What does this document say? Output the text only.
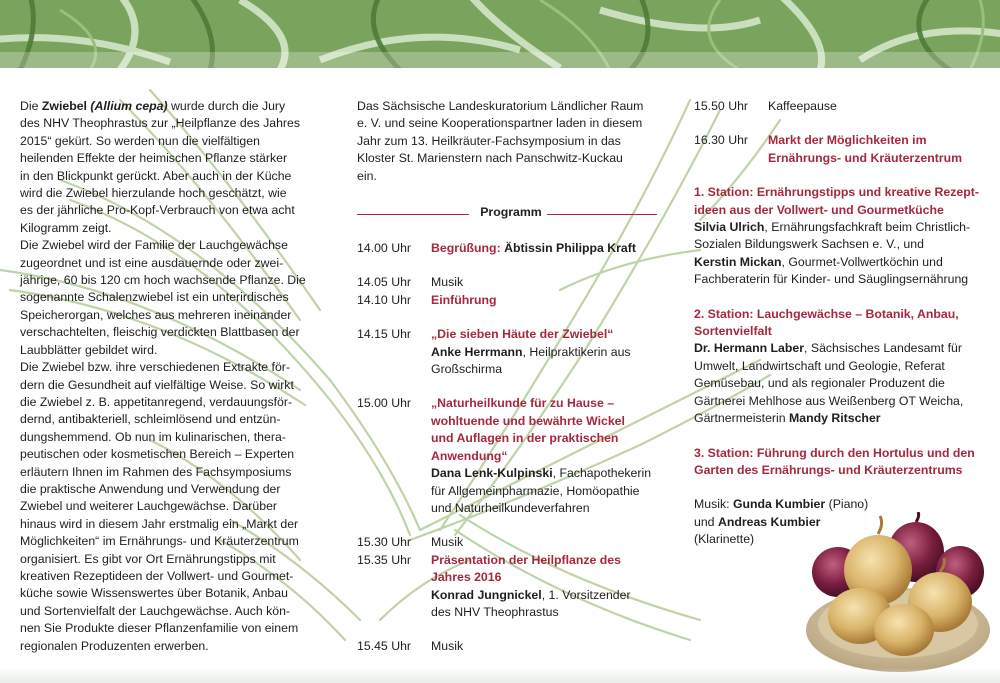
Die Zwiebel (Allium cepa) wurde durch die Jury
des NHV Theophrastus zur „Heilpflanze des Jahres
2015“ gekürt. So werden nun die vielfältigen
heilenden Effekte der heimischen Pflanze stärker
in den Blickpunkt gerückt. Aber auch in der Küche
wird die Zwiebel hierzulande hoch geschätzt, wie
es der jährliche Pro-Kopf-Verbrauch von etwa acht
Kilogramm zeigt.
Die Zwiebel wird der Familie der Lauchgewächse
zugeordnet und ist eine ausdauernde oder zwei-
jährige, 60 bis 120 cm hoch wachsende Pflanze. Die
sogenannte Schalenzwiebel ist ein unterirdisches
Speicherorgan, welches aus mehreren ineinander
verschachtelten, fleischig verdickten Blattbasen der
Laubblätter gebildet wird.
Die Zwiebel bzw. ihre verschiedenen Extrakte för-
dern die Gesundheit auf vielfältige Weise. So wirkt
die Zwiebel z. B. appetitanregend, verdauungsför-
dernd, antibakteriell, schleimlösend und entzün-
dungshemmend. Ob nun im kulinarischen, thera-
peutischen oder kosmetischen Bereich – Experten
erläutern Ihnen im Rahmen des Fachsymposiums
die praktische Anwendung und Verwendung der
Zwiebel und weiterer Lauchgewächse. Darüber
hinaus wird in diesem Jahr erstmalig ein „Markt der
Möglichkeiten“ im Ernährungs- und Kräuterzentrum
organisiert. Es gibt vor Ort Ernährungstipps mit
kreativen Rezeptideen der Vollwert- und Gourmet-
küche sowie Wissenswertes über Botanik, Anbau
und Sortenvielfalt der Lauchgewächse. Auch kön-
nen Sie Produkte dieser Pflanzenfamilie von einem
regionalen Produzenten erwerben.
Das Sächsische Landeskuratorium Ländlicher Raum
e. V. und seine Kooperationspartner laden in diesem
Jahr zum 13. Heilkräuter-Fachsymposium in das
Kloster St. Marienstern nach Panschwitz-Kuckau
ein.
Programm
14.00 Uhr	Begrüßung: Äbtissin Philippa Kraft
14.05 Uhr	Musik
14.10 Uhr	Einführung
14.15 Uhr	„Die sieben Häute der Zwiebel“
Anke Herrmann, Heilpraktikerin aus
Großschirma
15.00 Uhr	„Naturheilkunde für zu Hause –
wohltuende und bewährte Wickel
und Auflagen in der praktischen
Anwendung“
Dana Lenk-Kulpinski, Fachapothekerin
für Allgemeinpharmazie, Homöopathie
und Naturheilkundeverfahren
15.30 Uhr	Musik
15.35 Uhr	Präsentation der Heilpflanze des
Jahres 2016
Konrad Jungnickel, 1. Vorsitzender
des NHV Theophrastus
15.45 Uhr	Musik
15.50 Uhr	Kaffeepause
16.30 Uhr	Markt der Möglichkeiten im
Ernährungs- und Kräuterzentrum
1. Station: Ernährungstipps und kreative Rezept-
ideen aus der Vollwert- und Gourmetküche
Silvia Ulrich, Ernährungsfachkraft beim Christlich-
Sozialen Bildungswerk Sachsen e. V., und
Kerstin Mickan, Gourmet-Vollwertköchin und
Fachberaterin für Kinder- und Säuglingsernährung
2. Station: Lauchgewächse – Botanik, Anbau,
Sortenvielfalt
Dr. Hermann Laber, Sächsisches Landesamt für
Umwelt, Landwirtschaft und Geologie, Referat
Gemüsebau, und als regionaler Produzent die
Gärtnerei Mehlhose aus Weißenberg OT Weicha,
Gärtnermeisterin Mandy Ritscher
3. Station: Führung durch den Hortulus und den
Garten des Ernährungs- und Kräuterzentrums
Musik: Gunda Kumbier (Piano)
und Andreas Kumbier
(Klarinette)
